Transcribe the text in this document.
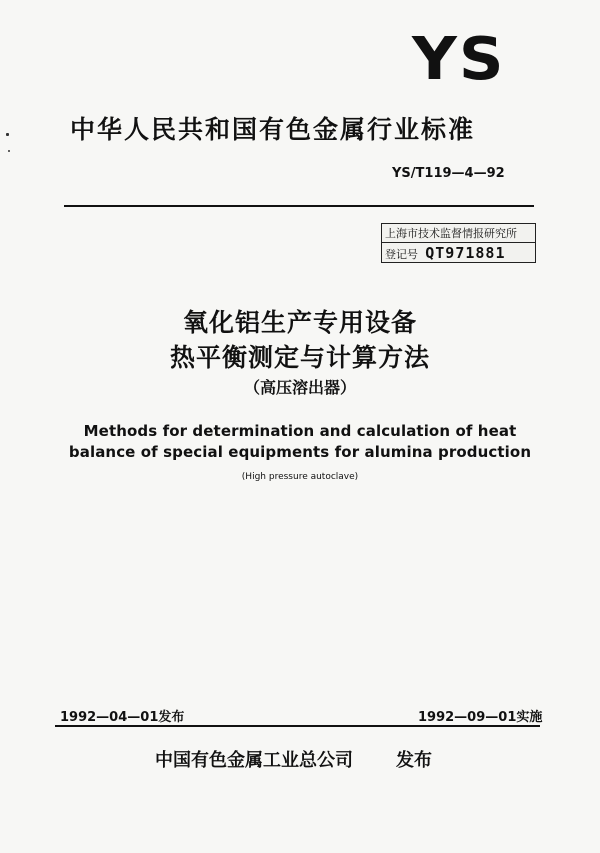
YS
中华人民共和国有色金属行业标准
YS/T119—4—92
上海市技术监督情报研究所
登记号 QT971881
氧化铝生产专用设备
热平衡测定与计算方法
（高压溶出器）
Methods for determination and calculation of heat
balance of special equipments for alumina production
(High pressure autoclave)
1992—04—01发布	1992—09—01实施
中国有色金属工业总公司 发布
